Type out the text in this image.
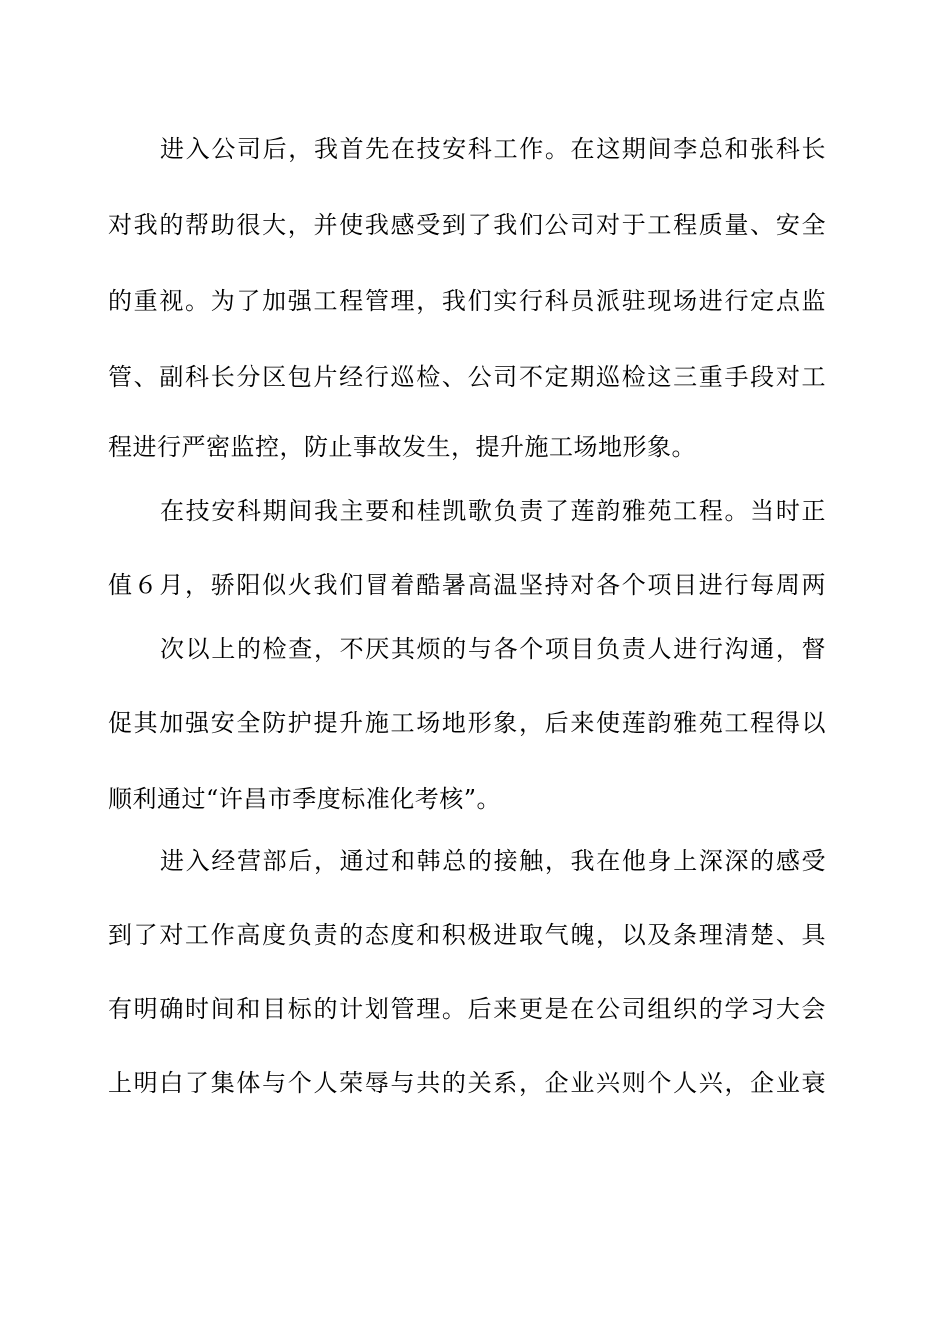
进入公司后，我首先在技安科工作。在这期间李总和张科长
对我的帮助很大，并使我感受到了我们公司对于工程质量、安全
的重视。为了加强工程管理，我们实行科员派驻现场进行定点监
管、副科长分区包片经行巡检、公司不定期巡检这三重手段对工
程进行严密监控，防止事故发生，提升施工场地形象。
在技安科期间我主要和桂凯歌负责了莲韵雅苑工程。当时正
值６月，骄阳似火我们冒着酷暑高温坚持对各个项目进行每周两
次以上的检查，不厌其烦的与各个项目负责人进行沟通，督
促其加强安全防护提升施工场地形象，后来使莲韵雅苑工程得以
顺利通过“许昌市季度标准化考核”。
进入经营部后，通过和韩总的接触，我在他身上深深的感受
到了对工作高度负责的态度和积极进取气魄，以及条理清楚、具
有明确时间和目标的计划管理。后来更是在公司组织的学习大会
上明白了集体与个人荣辱与共的关系，企业兴则个人兴，企业衰
